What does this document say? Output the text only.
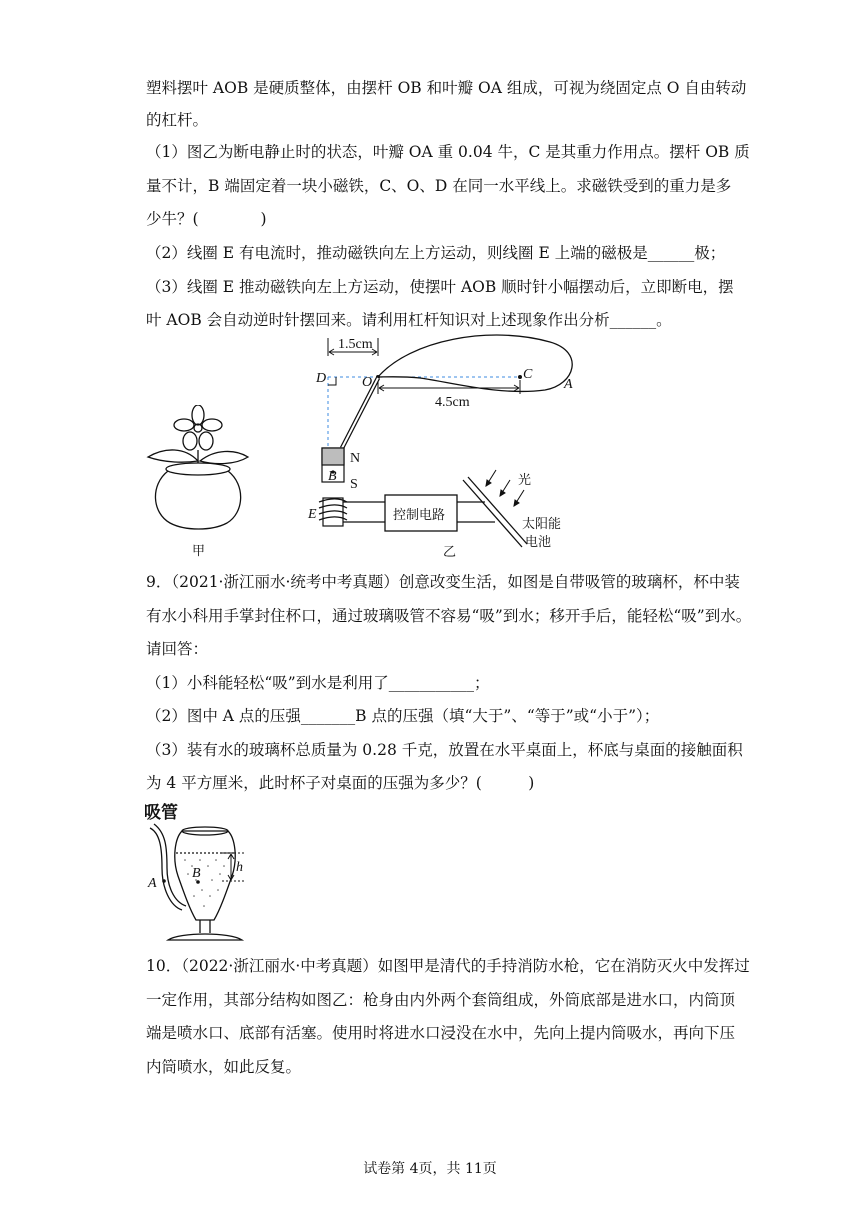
塑料摆叶 AOB 是硬质整体，由摆杆 OB 和叶瓣 OA 组成，可视为绕固定点 O 自由转动
的杠杆。
（1）图乙为断电静止时的状态，叶瓣 OA 重 0.04 牛，C 是其重力作用点。摆杆 OB 质
量不计，B 端固定着一块小磁铁，C、O、D 在同一水平线上。求磁铁受到的重力是多
少牛？(　　　　)
（2）线圈 E 有电流时，推动磁铁向左上方运动，则线圈 E 上端的磁极是______极；
（3）线圈 E 推动磁铁向左上方运动，使摆叶 AOB 顺时针小幅摆动后，立即断电，摆
叶 AOB 会自动逆时针摆回来。请利用杠杆知识对上述现象作出分析______。
甲
1.5cm
4.5cm
D	O
C
A
B
N
S
E	控制电路
光
太阳能
电池
乙
9．（2021·浙江丽水·统考中考真题）创意改变生活，如图是自带吸管的玻璃杯，杯中装
有水小科用手掌封住杯口，通过玻璃吸管不容易“吸”到水；移开手后，能轻松“吸”到水。
请回答：
（1）小科能轻松“吸”到水是利用了___________；
（2）图中 A 点的压强_______B 点的压强（填“大于”、“等于”或“小于”）；
（3）装有水的玻璃杯总质量为 0.28 千克，放置在水平桌面上，杯底与桌面的接触面积
为 4 平方厘米，此时杯子对桌面的压强为多少？(　　　)
吸管
h
B
A
10．（2022·浙江丽水·中考真题）如图甲是清代的手持消防水枪，它在消防灭火中发挥过
一定作用，其部分结构如图乙：枪身由内外两个套筒组成，外筒底部是进水口，内筒顶
端是喷水口、底部有活塞。使用时将进水口浸没在水中，先向上提内筒吸水，再向下压
内筒喷水，如此反复。
试卷第 4页，共 11页
